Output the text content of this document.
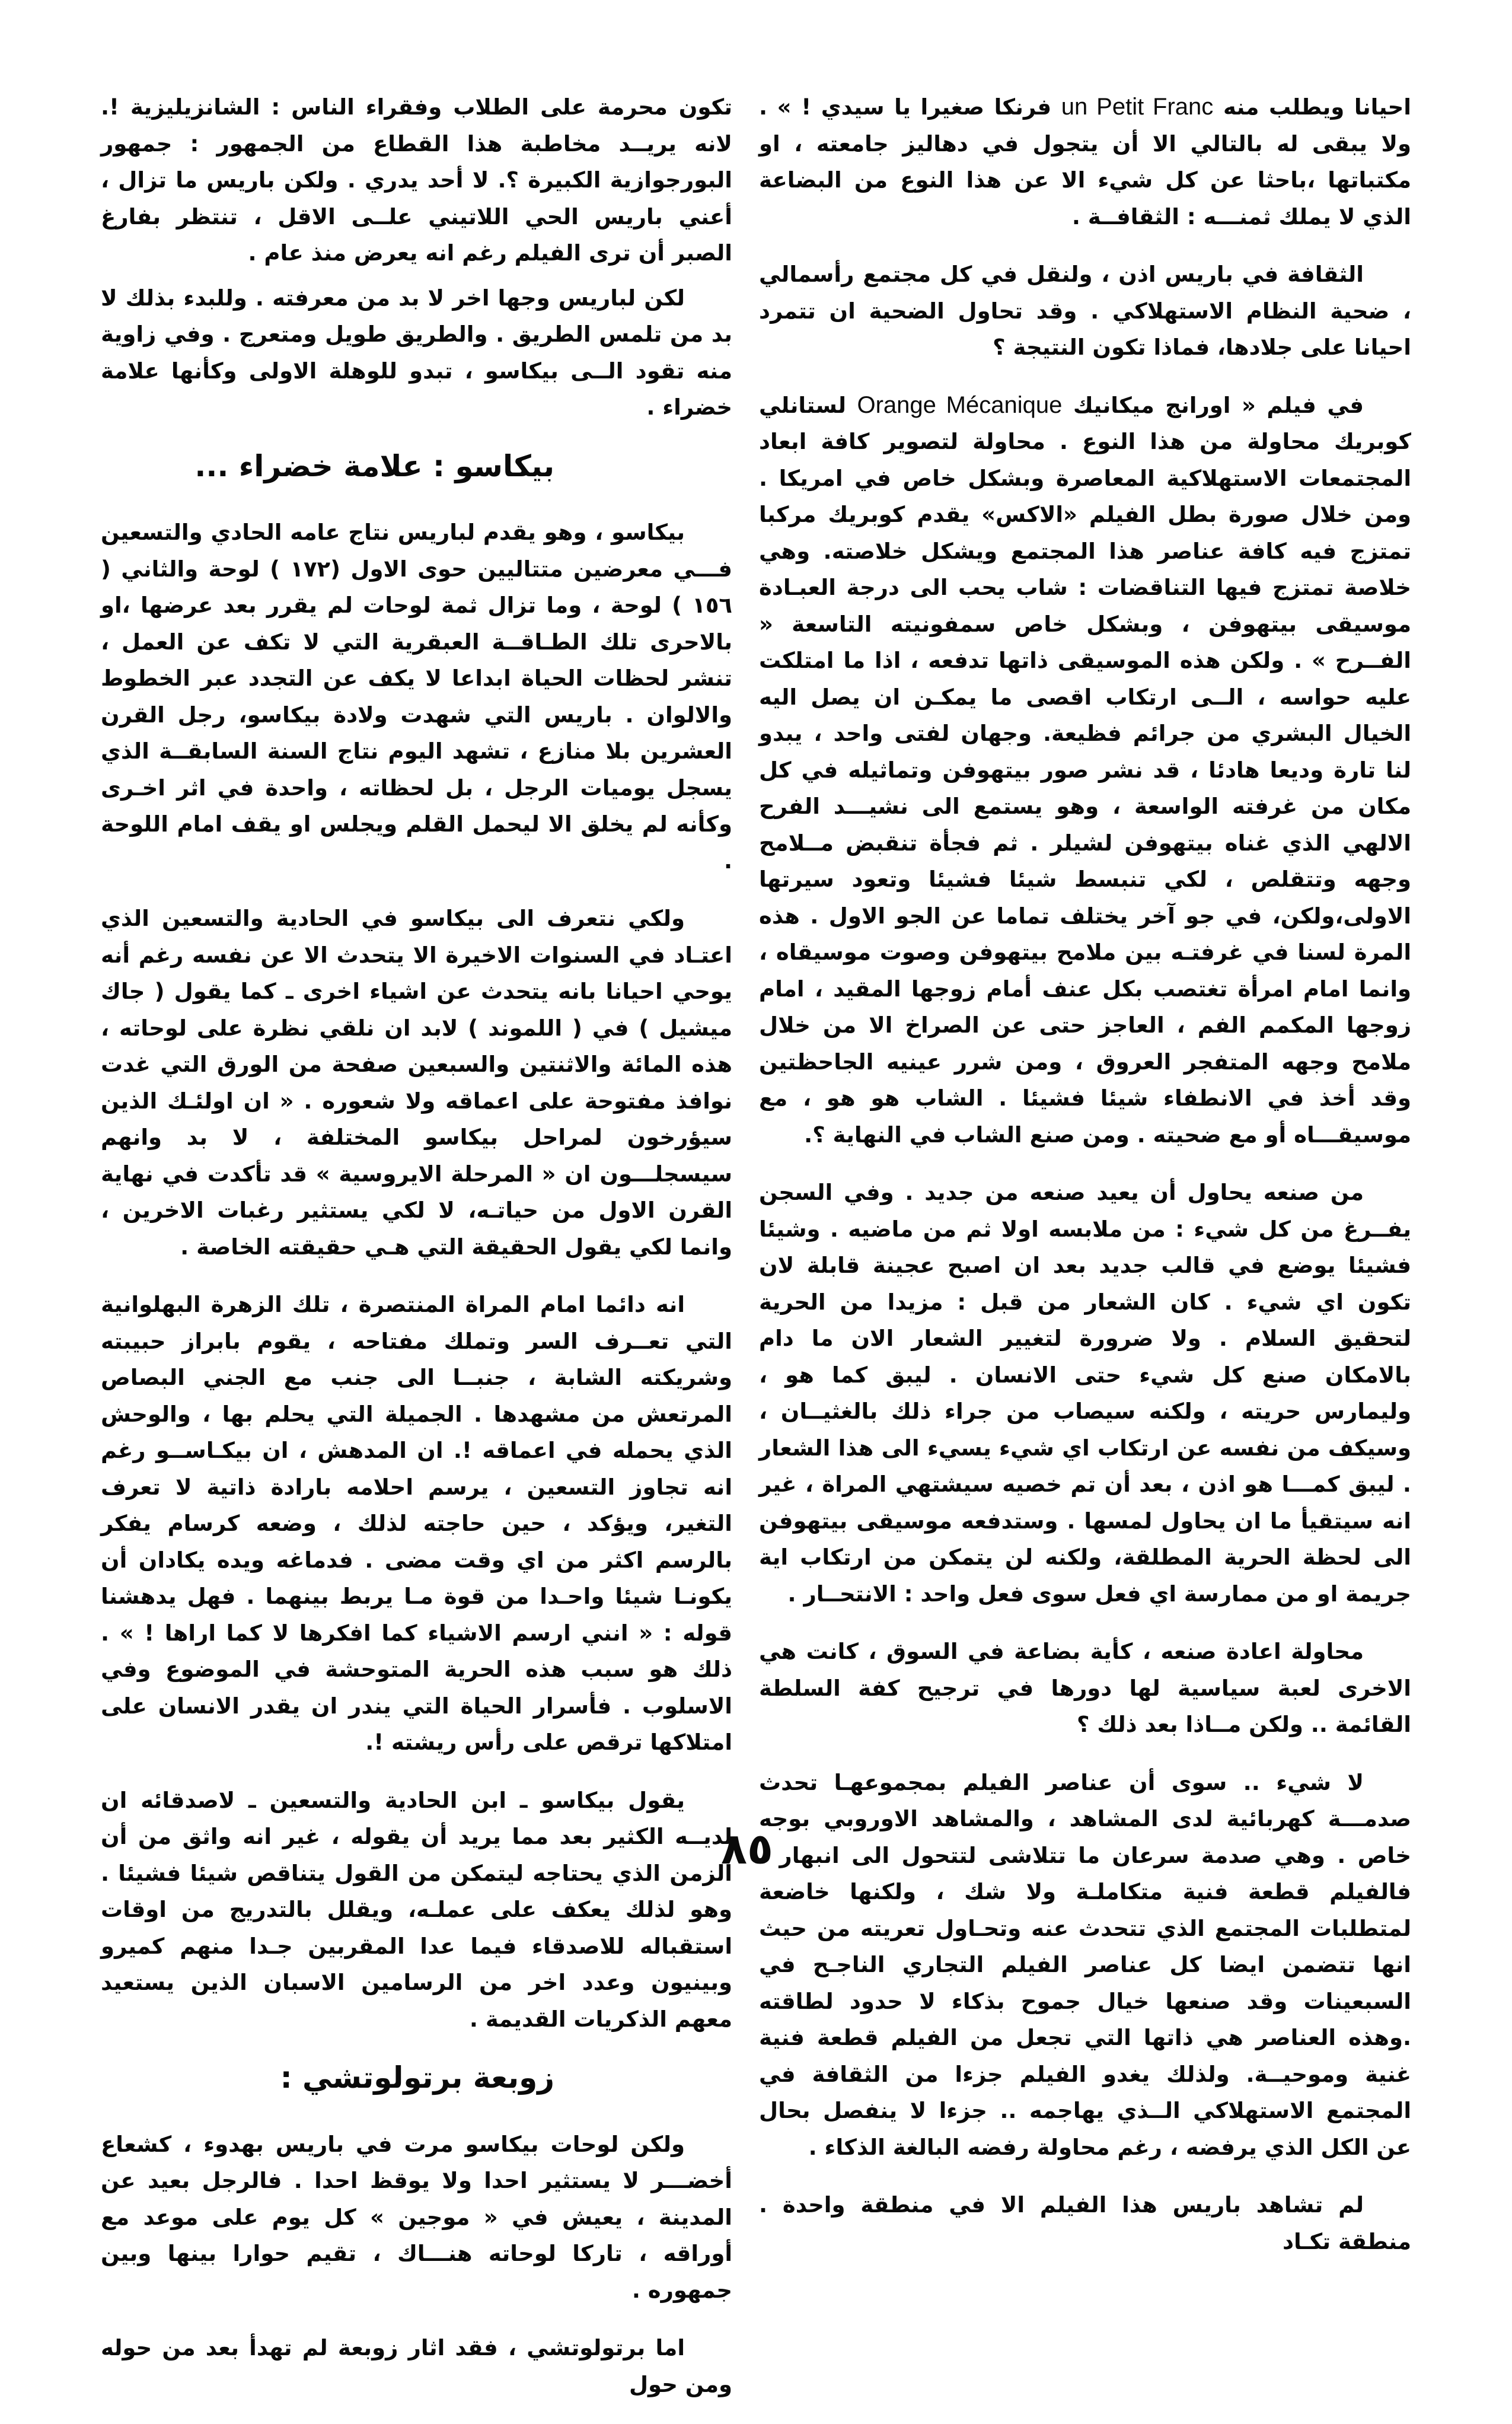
احيانا ويطلب منه un Petit Franc فرنكا صغيرا يا سيدي ! » . ولا يبقى له بالتالي الا أن يتجول في دهاليز جامعته ، او مكتباتها ،باحثا عن كل شيء الا عن هذا النوع من البضاعة الذي لا يملك ثمنـــه : الثقافــة .

الثقافة في باريس اذن ، ولنقل في كل مجتمع رأسمالي ، ضحية النظام الاستهلاكي . وقد تحاول الضحية ان تتمرد احيانا على جلادها، فماذا تكون النتيجة ؟

في فيلم « اورانج ميكانيك Orange Mécanique لستانلي كوبريك محاولة من هذا النوع . محاولة لتصوير كافة ابعاد المجتمعات الاستهلاكية المعاصرة وبشكل خاص في امريكا . ومن خلال صورة بطل الفيلم «الاكس» يقدم كوبريك مركبا تمتزج فيه كافة عناصر هذا المجتمع ويشكل خلاصته. وهي خلاصة تمتزج فيها التناقضات : شاب يحب الى درجة العبـادة موسيقى بيتهوفن ، وبشكل خاص سمفونيته التاسعة « الفــرح » . ولكن هذه الموسيقى ذاتها تدفعه ، اذا ما امتلكت عليه حواسه ، الــى ارتكاب اقصى ما يمكـن ان يصل اليه الخيال البشري من جرائم فظيعة. وجهان لفتى واحد ، يبدو لنا تارة وديعا هادئا ، قد نشر صور بيتهوفن وتماثيله في كل مكان من غرفته الواسعة ، وهو يستمع الى نشيـــد الفرح الالهي الذي غناه بيتهوفن لشيلر . ثم فجأة تنقبض مــلامح وجهه وتتقلص ، لكي تنبسط شيئا فشيئا وتعود سيرتها الاولى،ولكن، في جو آخر يختلف تماما عن الجو الاول . هذه المرة لسنا في غرفتـه بين ملامح بيتهوفن وصوت موسيقاه ، وانما امام امرأة تغتصب بكل عنف أمام زوجها المقيد ، امام زوجها المكمم الفم ، العاجز حتى عن الصراخ الا من خلال ملامح وجهه المتفجر العروق ، ومن شرر عينيه الجاحظتين وقد أخذ في الانطفاء شيئا فشيئا . الشاب هو هو ، مع موسيقـــاه أو مع ضحيته . ومن صنع الشاب في النهاية ؟.

من صنعه يحاول أن يعيد صنعه من جديد . وفي السجن يفــرغ من كل شيء : من ملابسه اولا ثم من ماضيه . وشيئا فشيئا يوضع في قالب جديد بعد ان اصبح عجينة قابلة لان تكون اي شيء . كان الشعار من قبل : مزيدا من الحرية لتحقيق السلام . ولا ضرورة لتغيير الشعار الان ما دام بالامكان صنع كل شيء حتى الانسان . ليبق كما هو ، وليمارس حريته ، ولكنه سيصاب من جراء ذلك بالغثيــان ، وسيكف من نفسه عن ارتكاب اي شيء يسيء الى هذا الشعار . ليبق كمـــا هو اذن ، بعد أن تم خصيه سيشتهي المراة ، غير انه سيتقيأ ما ان يحاول لمسها . وستدفعه موسيقى بيتهوفن الى لحظة الحرية المطلقة، ولكنه لن يتمكن من ارتكاب اية جريمة او من ممارسة اي فعل سوى فعل واحد : الانتحــار .

محاولة اعادة صنعه ، كأية بضاعة في السوق ، كانت هي الاخرى لعبة سياسية لها دورها في ترجيح كفة السلطة القائمة .. ولكن مــاذا بعد ذلك ؟

لا شيء .. سوى أن عناصر الفيلم بمجموعهـا تحدث صدمـــة كهربائية لدى المشاهد ، والمشاهد الاوروبي بوجه خاص . وهي صدمة سرعان ما تتلاشى لتتحول الى انبهار . فالفيلم قطعة فنية متكاملـة ولا شك ، ولكنها خاضعة لمتطلبات المجتمع الذي تتحدث عنه وتحـاول تعريته من حيث انها تتضمن ايضا كل عناصر الفيلم التجاري الناجـح في السبعينات وقد صنعها خيال جموح بذكاء لا حدود لطاقته .وهذه العناصر هي ذاتها التي تجعل من الفيلم قطعة فنية غنية وموحيــة. ولذلك يغدو الفيلم جزءا من الثقافة في المجتمع الاستهلاكي الــذي يهاجمه .. جزءا لا ينفصل بحال عن الكل الذي يرفضه ، رغم محاولة رفضه البالغة الذكاء .

لم تشاهد باريس هذا الفيلم الا في منطقة واحدة . منطقة تكـاد

تكون محرمة على الطلاب وفقراء الناس : الشانزيليزية !. لانه يريــد مخاطبة هذا القطاع من الجمهور : جمهور البورجوازية الكبيرة ؟. لا أحد يدري . ولكن باريس ما تزال ، أعني باريس الحي اللاتيني علــى الاقل ، تنتظر بفارغ الصبر أن ترى الفيلم رغم انه يعرض منذ عام .

لكن لباريس وجها اخر لا بد من معرفته . وللبدء بذلك لا بد من تلمس الطريق . والطريق طويل ومتعرج . وفي زاوية منه تقود الــى بيكاسو ، تبدو للوهلة الاولى وكأنها علامة خضراء .

بيكاسو : علامة خضراء ...

بيكاسو ، وهو يقدم لباريس نتاج عامه الحادي والتسعين فـــي معرضين متتاليين حوى الاول (١٧٢ ) لوحة والثاني ( ١٥٦ ) لوحة ، وما تزال ثمة لوحات لم يقرر بعد عرضها ،او بالاحرى تلك الطـاقــة العبقرية التي لا تكف عن العمل ، تنشر لحظات الحياة ابداعا لا يكف عن التجدد عبر الخطوط والالوان . باريس التي شهدت ولادة بيكاسو، رجل القرن العشرين بلا منازع ، تشهد اليوم نتاج السنة السابقــة الذي يسجل يوميات الرجل ، بل لحظاته ، واحدة في اثر اخـرى وكأنه لم يخلق الا ليحمل القلم ويجلس او يقف امام اللوحة .

ولكي نتعرف الى بيكاسو في الحادية والتسعين الذي اعتـاد في السنوات الاخيرة الا يتحدث الا عن نفسه رغم أنه يوحي احيانا بانه يتحدث عن اشياء اخرى ـ كما يقول ( جاك ميشيل ) في ( اللموند ) لابد ان نلقي نظرة على لوحاته ، هذه المائة والاثنتين والسبعين صفحة من الورق التي غدت نوافذ مفتوحة على اعماقه ولا شعوره . « ان اولئـك الذين سيؤرخون لمراحل بيكاسو المختلفة ، لا بد وانهم سيسجلـــون ان « المرحلة الايروسية » قد تأكدت في نهاية القرن الاول من حياتـه، لا لكي يستثير رغبات الاخرين ، وانما لكي يقول الحقيقة التي هـي حقيقته الخاصة .

انه دائما امام المراة المنتصرة ، تلك الزهرة البهلوانية التي تعــرف السر وتملك مفتاحه ، يقوم بابراز حبيبته وشريكته الشابة ، جنبــا الى جنب مع الجني البصاص المرتعش من مشهدها . الجميلة التي يحلم بها ، والوحش الذي يحمله في اعماقه !. ان المدهش ، ان بيكـاســو رغم انه تجاوز التسعين ، يرسم احلامه بارادة ذاتية لا تعرف التغير، ويؤكد ، حين حاجته لذلك ، وضعه كرسام يفكر بالرسم اكثر من اي وقت مضى . فدماغه ويده يكادان أن يكونـا شيئا واحـدا من قوة مـا يربط بينهما . فهل يدهشنا قوله : « انني ارسم الاشياء كما افكرها لا كما اراها ! » . ذلك هو سبب هذه الحرية المتوحشة في الموضوع وفي الاسلوب . فأسرار الحياة التي يندر ان يقدر الانسان على امتلاكها ترقص على رأس ريشته !.

يقول بيكاسو ـ ابن الحادية والتسعين ـ لاصدقائه ان لديــه الكثير بعد مما يريد أن يقوله ، غير انه واثق من أن الزمن الذي يحتاجه ليتمكن من القول يتناقص شيئا فشيئا . وهو لذلك يعكف على عملـه، ويقلل بالتدريج من اوقات استقباله للاصدقاء فيما عدا المقربين جـدا منهم كميرو وبينيون وعدد اخر من الرسامين الاسبان الذين يستعيد معهم الذكريات القديمة .

زوبعة برتولوتشي :

ولكن لوحات بيكاسو مرت في باريس بهدوء ، كشعاع أخضـــر لا يستثير احدا ولا يوقظ احدا . فالرجل بعيد عن المدينة ، يعيش في « موجين » كل يوم على موعد مع أوراقه ، تاركا لوحاته هنـــاك ، تقيم حوارا بينها وبين جمهوره .

اما برتولوتشي ، فقد اثار زوبعة لم تهدأ بعد من حوله ومن حول

٨٥
